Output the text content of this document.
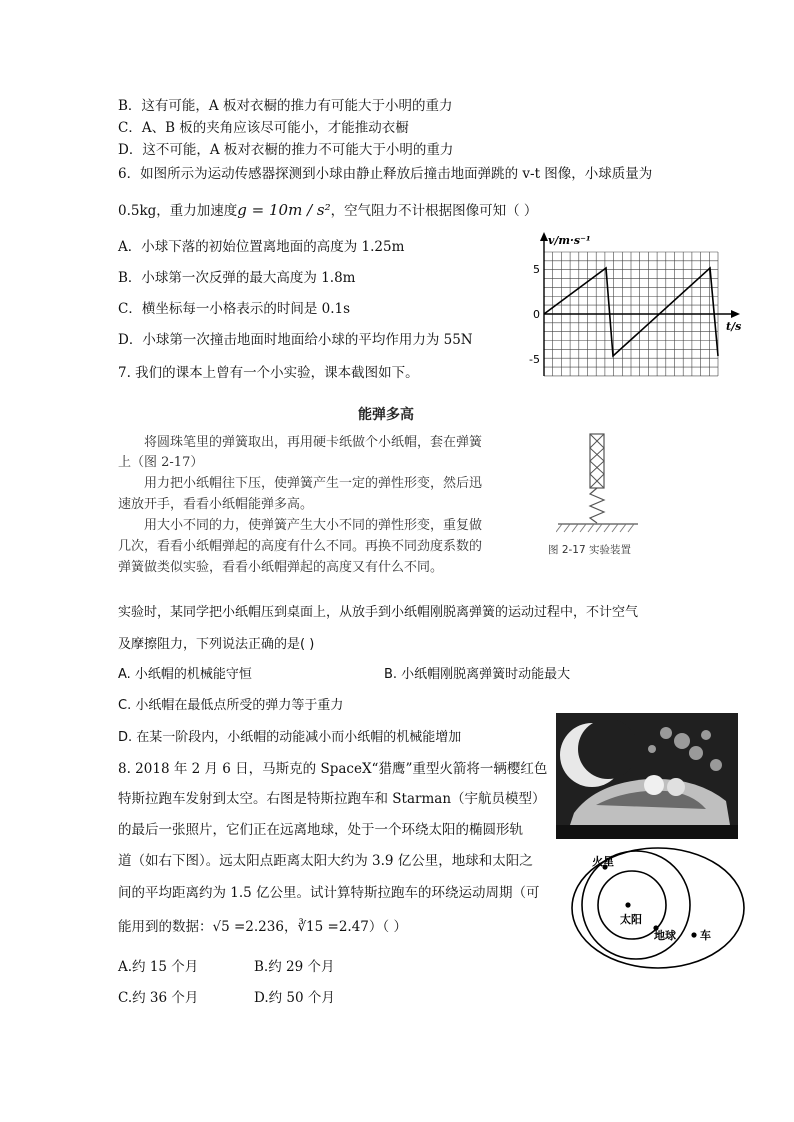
B．这有可能，A 板对衣橱的推力有可能大于小明的重力
C．A、B 板的夹角应该尽可能小，才能推动衣橱
D．这不可能，A 板对衣橱的推力不可能大于小明的重力
6．如图所示为运动传感器探测到小球由静止释放后撞击地面弹跳的 v-t 图像，小球质量为
0.5kg，重力加速度g = 10m / s²，空气阻力不计根据图像可知（ ）
A．小球下落的初始位置离地面的高度为 1.25m
B．小球第一次反弹的最大高度为 1.8m
C．横坐标每一小格表示的时间是 0.1s
D．小球第一次撞击地面时地面给小球的平均作用力为 55N
v/m·s⁻¹
t/s
5
0
-5
7. 我们的课本上曾有一个小实验，课本截图如下。
能弹多高
将圆珠笔里的弹簧取出，再用硬卡纸做个小纸帽，套在弹簧
上（图 2-17）
用力把小纸帽往下压，使弹簧产生一定的弹性形变，然后迅
速放开手，看看小纸帽能弹多高。
用大小不同的力，使弹簧产生大小不同的弹性形变，重复做
几次，看看小纸帽弹起的高度有什么不同。再换不同劲度系数的
弹簧做类似实验，看看小纸帽弹起的高度又有什么不同。
图 2-17 实验装置
实验时，某同学把小纸帽压到桌面上，从放手到小纸帽刚脱离弹簧的运动过程中，不计空气
及摩擦阻力，下列说法正确的是( )
A. 小纸帽的机械能守恒	B. 小纸帽刚脱离弹簧时动能最大
C. 小纸帽在最低点所受的弹力等于重力
D. 在某一阶段内，小纸帽的动能减小而小纸帽的机械能增加
8. 2018 年 2 月 6 日，马斯克的 SpaceX“猎鹰”重型火箭将一辆樱红色
特斯拉跑车发射到太空。右图是特斯拉跑车和 Starman（宇航员模型）
的最后一张照片，它们正在远离地球，处于一个环绕太阳的椭圆形轨
道（如右下图）。远太阳点距离太阳大约为 3.9 亿公里，地球和太阳之
间的平均距离约为 1.5 亿公里。试计算特斯拉跑车的环绕运动周期（可
能用到的数据：√5 =2.236，∛15 =2.47）（ ）
A.约 15 个月	B.约 29 个月
C.约 36 个月	D.约 50 个月
火星
太阳
地球 车
